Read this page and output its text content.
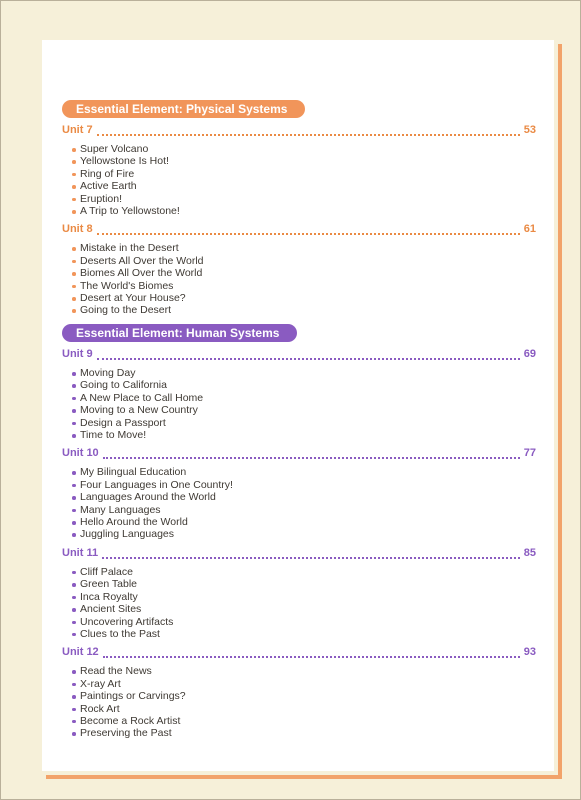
Essential Element: Physical Systems
Unit 7	53
Super Volcano
Yellowstone Is Hot!
Ring of Fire
Active Earth
Eruption!
A Trip to Yellowstone!
Unit 8	61
Mistake in the Desert
Deserts All Over the World
Biomes All Over the World
The World's Biomes
Desert at Your House?
Going to the Desert
Essential Element: Human Systems
Unit 9	69
Moving Day
Going to California
A New Place to Call Home
Moving to a New Country
Design a Passport
Time to Move!
Unit 10	77
My Bilingual Education
Four Languages in One Country!
Languages Around the World
Many Languages
Hello Around the World
Juggling Languages
Unit 11	85
Cliff Palace
Green Table
Inca Royalty
Ancient Sites
Uncovering Artifacts
Clues to the Past
Unit 12	93
Read the News
X-ray Art
Paintings or Carvings?
Rock Art
Become a Rock Artist
Preserving the Past
